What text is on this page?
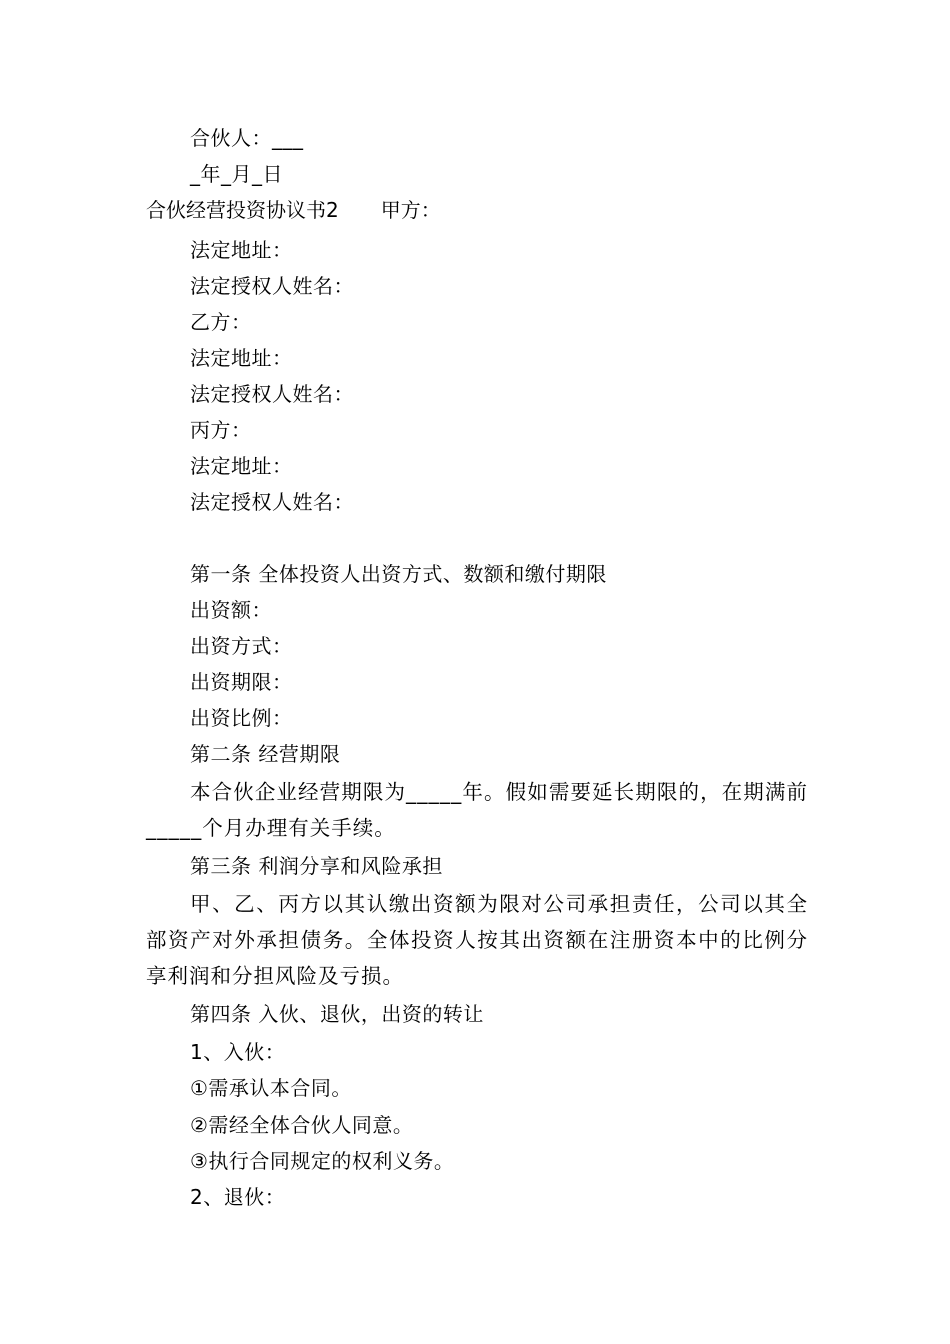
合伙人：___
_年_月_日
合伙经营投资协议书2 甲方：
法定地址：
法定授权人姓名：
乙方：
法定地址：
法定授权人姓名：
丙方：
法定地址：
法定授权人姓名：
第一条 全体投资人出资方式、数额和缴付期限
出资额：
出资方式：
出资期限：
出资比例：
第二条 经营期限
本合伙企业经营期限为_____年。假如需要延长期限的，在期满前_____个月办理有关手续。
第三条 利润分享和风险承担
甲、乙、丙方以其认缴出资额为限对公司承担责任，公司以其全部资产对外承担债务。全体投资人按其出资额在注册资本中的比例分享利润和分担风险及亏损。
第四条 入伙、退伙，出资的转让
1、入伙：
①需承认本合同。
②需经全体合伙人同意。
③执行合同规定的权利义务。
2、退伙：
